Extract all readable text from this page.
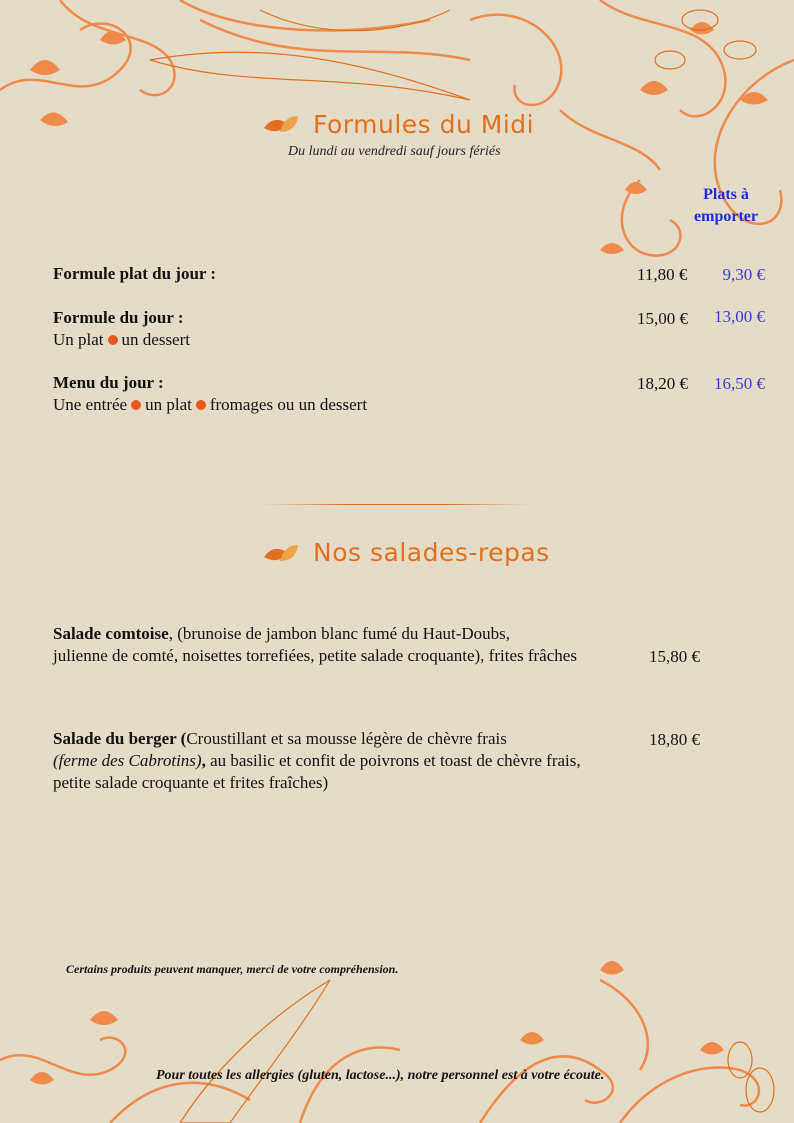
Formules du Midi
Du lundi au vendredi sauf jours fériés
Plats à
emporter
Formule plat du jour :	11,80 € 9,30 €
Formule du jour :
Un plat un dessert
15,00 € 13,00 €
Menu du jour :
Une entrée un plat fromages ou un dessert
18,20 € 16,50 €
Nos salades-repas
Salade comtoise, (brunoise de jambon blanc fumé du Haut-Doubs,
julienne de comté, noisettes torrefiées, petite salade croquante), frites frâches	15,80 €
Salade du berger (Croustillant et sa mousse légère de chèvre frais
(ferme des Cabrotins), au basilic et confit de poivrons et toast de chèvre frais,
petite salade croquante et frites fraîches)
18,80 €
Certains produits peuvent manquer, merci de votre compréhension.
Pour toutes les allergies (gluten, lactose...), notre personnel est à votre écoute.
